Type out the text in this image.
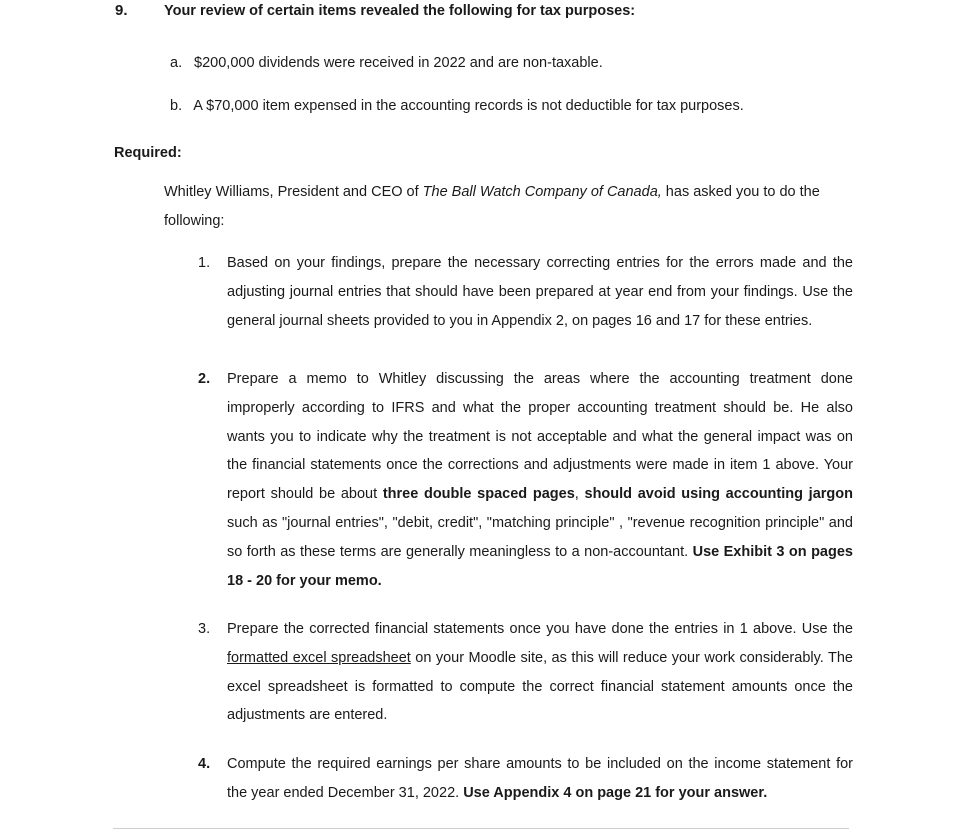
9.	Your review of certain items revealed the following for tax purposes:
a. $200,000 dividends were received in 2022 and are non-taxable.
b. A $70,000 item expensed in the accounting records is not deductible for tax purposes.
Required:
Whitley Williams, President and CEO of The Ball Watch Company of Canada, has asked you to do the following:
1.	Based on your findings, prepare the necessary correcting entries for the errors made and the adjusting journal entries that should have been prepared at year end from your findings. Use the general journal sheets provided to you in Appendix 2, on pages 16 and 17 for these entries.
2.	Prepare a memo to Whitley discussing the areas where the accounting treatment done improperly according to IFRS and what the proper accounting treatment should be. He also wants you to indicate why the treatment is not acceptable and what the general impact was on the financial statements once the corrections and adjustments were made in item 1 above. Your report should be about three double spaced pages, should avoid using accounting jargon such as "journal entries", "debit, credit", "matching principle" , "revenue recognition principle" and so forth as these terms are generally meaningless to a non-accountant. Use Exhibit 3 on pages 18 - 20 for your memo.
3.	Prepare the corrected financial statements once you have done the entries in 1 above. Use the formatted excel spreadsheet on your Moodle site, as this will reduce your work considerably. The excel spreadsheet is formatted to compute the correct financial statement amounts once the adjustments are entered.
4.	Compute the required earnings per share amounts to be included on the income statement for the year ended December 31, 2022. Use Appendix 4 on page 21 for your answer.
